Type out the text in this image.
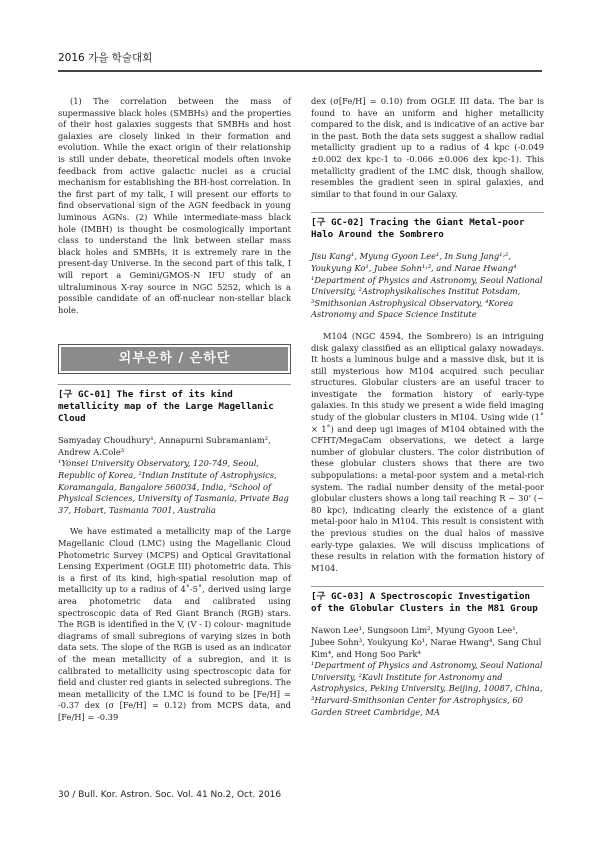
2016 가을 학술대회

(1) The correlation between the mass of supermassive black holes (SMBHs) and the properties of their host galaxies suggests that SMBHs and host galaxies are closely linked in their formation and evolution. While the exact origin of their relationship is still under debate, theoretical models often invoke feedback from active galactic nuclei as a crucial mechanism for establishing the BH-host correlation. In the first part of my talk, I will present our efforts to find observational sign of the AGN feedback in young luminous AGNs. (2) While intermediate-mass black hole (IMBH) is thought be cosmologically important class to understand the link between stellar mass black holes and SMBHs, it is extremely rare in the present-day Universe. In the second part of this talk, I will report a Gemini/GMOS-N IFU study of an ultraluminous X-ray source in NGC 5252, which is a possible candidate of an off-nuclear non-stellar black hole.

외부은하 / 은하단
[구 GC-01] The first of its kind metallicity map of the Large Magellanic Cloud

Samyaday Choudhury¹, Annapurni Subramaniam², Andrew A.Cole³

¹Yonsei University Observatory, 120-749, Seoul, Republic of Korea, ²Indian Institute of Astrophysics, Koramangala, Bangalore 560034, India, ³School of Physical Sciences, University of Tasmania, Private Bag 37, Hobart, Tasmania 7001, Australia

We have estimated a metallicity map of the Large Magellanic Cloud (LMC) using the Magellanic Cloud Photometric Survey (MCPS) and Optical Gravitational Lensing Experiment (OGLE III) photometric data. This is a first of its kind, high-spatial resolution map of metallicity up to a radius of 4˚-5˚, derived using large area photometric data and calibrated using spectroscopic data of Red Giant Branch (RGB) stars. The RGB is identified in the V, (V - I) colour- magnitude diagrams of small subregions of varying sizes in both data sets. The slope of the RGB is used as an indicator of the mean metallicity of a subregion, and it is calibrated to metallicity using spectroscopic data for field and cluster red giants in selected subregions. The mean metallicity of the LMC is found to be [Fe/H] = -0.37 dex (σ [Fe/H] = 0.12) from MCPS data, and [Fe/H] = -0.39

dex (σ[Fe/H] = 0.10) from OGLE III data. The bar is found to have an uniform and higher metallicity compared to the disk, and is indicative of an active bar in the past. Both the data sets suggest a shallow radial metallicity gradient up to a radius of 4 kpc (-0.049 ±0.002 dex kpc-1 to -0.066 ±0.006 dex kpc-1). This metallicity gradient of the LMC disk, though shallow, resembles the gradient seen in spiral galaxies, and similar to that found in our Galaxy.

[구 GC-02] Tracing the Giant Metal-poor Halo Around the Sombrero

Jisu Kang¹, Myung Gyoon Lee¹, In Sung Jang¹˒², Youkyung Ko¹, Jubee Sohn¹˒³, and Narae Hwang⁴

¹Department of Physics and Astronomy, Seoul National University, ²Astrophysikalisches Institut Potsdam, ³Smithsonian Astrophysical Observatory, ⁴Korea Astronomy and Space Science Institute

M104 (NGC 4594, the Sombrero) is an intriguing disk galaxy classified as an elliptical galaxy nowadays. It hosts a luminous bulge and a massive disk, but it is still mysterious how M104 acquired such peculiar structures. Globular clusters are an useful tracer to investigate the formation history of early-type galaxies. In this study we present a wide field imaging study of the globular clusters in M104. Using wide (1˚ × 1˚) and deep ugi images of M104 obtained with the CFHT/MegaCam observations, we detect a large number of globular clusters. The color distribution of these globular clusters shows that there are two subpopulations: a metal-poor system and a metal-rich system. The radial number density of the metal-poor globular clusters shows a long tail reaching R ~ 30' (~ 80 kpc), indicating clearly the existence of a giant metal-poor halo in M104. This result is consistent with the previous studies on the dual halos of massive early-type galaxies. We will discuss implications of these results in relation with the formation history of M104.

[구 GC-03] A Spectroscopic Investigation of the Globular Clusters in the M81 Group

Nawon Lee¹, Sungsoon Lim², Myung Gyoon Lee¹, Jubee Sohn³, Youkyung Ko¹, Narae Hwang⁴, Sang Chul Kim⁴, and Hong Soo Park⁴

¹Department of Physics and Astronomy, Seoul National University, ²Kavli Institute for Astronomy and Astrophysics, Peking University, Beijing, 10087, China, ³Harvard-Smithsonian Center for Astrophysics, 60 Garden Street Cambridge, MA

30 / Bull. Kor. Astron. Soc. Vol. 41 No.2, Oct. 2016
